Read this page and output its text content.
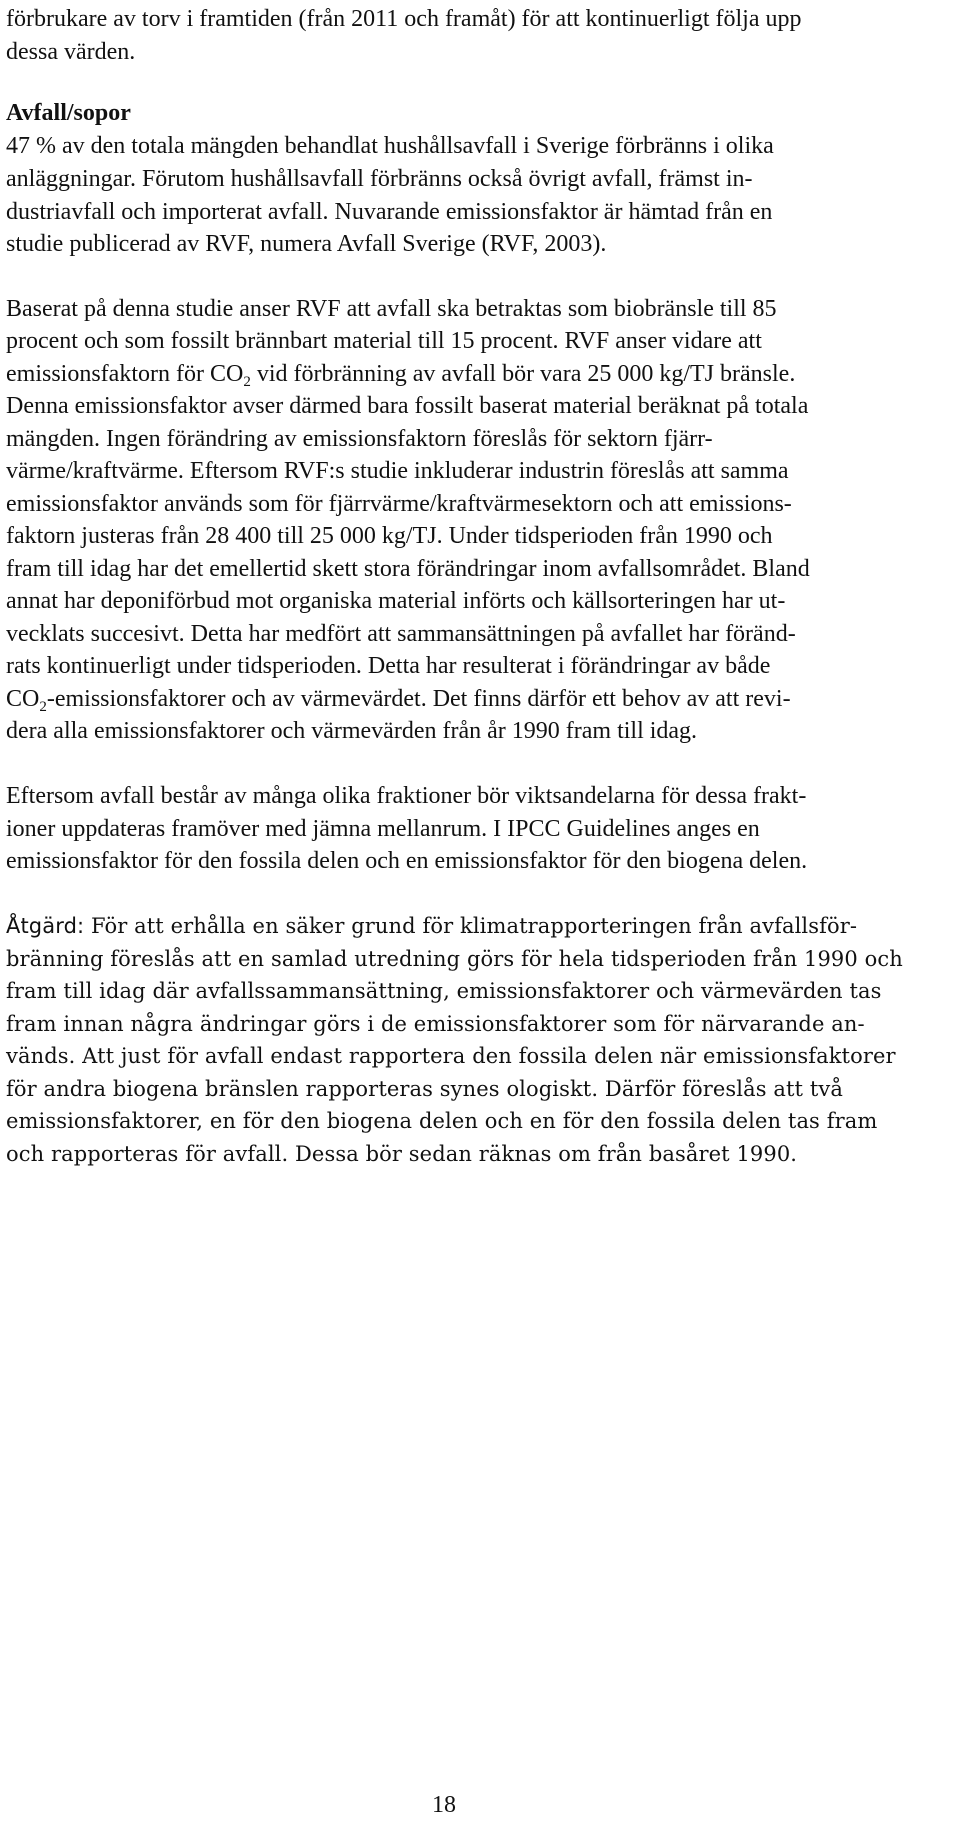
förbrukare av torv i framtiden (från 2011 och framåt) för att kontinuerligt följa upp
dessa värden.
Avfall/sopor
47 % av den totala mängden behandlat hushållsavfall i Sverige förbränns i olika
anläggningar. Förutom hushållsavfall förbränns också övrigt avfall, främst in-
dustriavfall och importerat avfall. Nuvarande emissionsfaktor är hämtad från en
studie publicerad av RVF, numera Avfall Sverige (RVF, 2003).
Baserat på denna studie anser RVF att avfall ska betraktas som biobränsle till 85
procent och som fossilt brännbart material till 15 procent. RVF anser vidare att
emissionsfaktorn för $CO_2$ vid förbränning av avfall bör vara 25 000 kg/TJ bränsle.
Denna emissionsfaktor avser därmed bara fossilt baserat material beräknat på totala
mängden. Ingen förändring av emissionsfaktorn föreslås för sektorn fjärr-
värme/kraftvärme. Eftersom RVF:s studie inkluderar industrin föreslås att samma
emissionsfaktor används som för fjärrvärme/kraftvärmesektorn och att emissions-
faktorn justeras från 28 400 till 25 000 kg/TJ. Under tidsperioden från 1990 och
fram till idag har det emellertid skett stora förändringar inom avfallsområdet. Bland
annat har deponiförbud mot organiska material införts och källsorteringen har ut-
vecklats succesivt. Detta har medfört att sammansättningen på avfallet har föränd-
rats kontinuerligt under tidsperioden. Detta har resulterat i förändringar av både
$CO_2$-emissionsfaktorer och av värmevärdet. Det finns därför ett behov av att revi-
dera alla emissionsfaktorer och värmevärden från år 1990 fram till idag.
Eftersom avfall består av många olika fraktioner bör viktsandelarna för dessa frakt-
ioner uppdateras framöver med jämna mellanrum. I IPCC Guidelines anges en
emissionsfaktor för den fossila delen och en emissionsfaktor för den biogena delen.
Åtgärd: För att erhålla en säker grund för klimatrapporteringen från avfallsför-
bränning föreslås att en samlad utredning görs för hela tidsperioden från 1990 och
fram till idag där avfallssammansättning, emissionsfaktorer och värmevärden tas
fram innan några ändringar görs i de emissionsfaktorer som för närvarande an-
vänds. Att just för avfall endast rapportera den fossila delen när emissionsfaktorer
för andra biogena bränslen rapporteras synes ologiskt. Därför föreslås att två
emissionsfaktorer, en för den biogena delen och en för den fossila delen tas fram
och rapporteras för avfall. Dessa bör sedan räknas om från basåret 1990.
18
